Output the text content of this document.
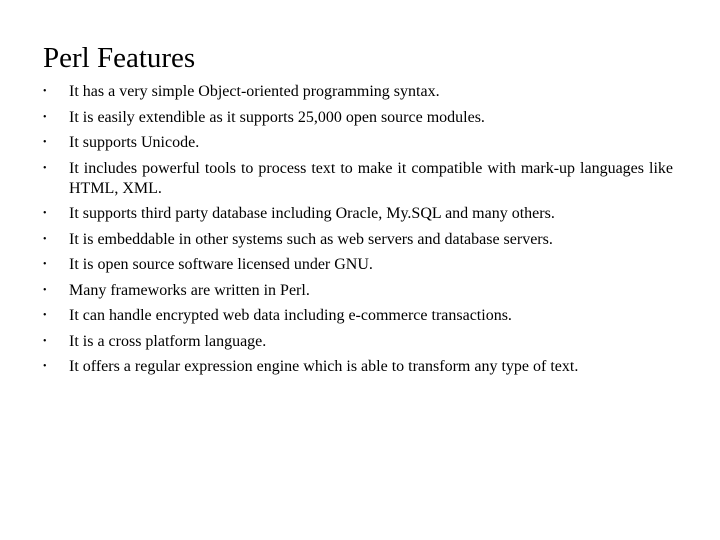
Perl Features
•	It has a very simple Object-oriented programming syntax.
•	It is easily extendible as it supports 25,000 open source modules.
•	It supports Unicode.
•	It includes powerful tools to process text to make it compatible with mark-up languages like HTML, XML.
•	It supports third party database including Oracle, My.SQL and many others.
•	It is embeddable in other systems such as web servers and database servers.
•	It is open source software licensed under GNU.
•	Many frameworks are written in Perl.
•	It can handle encrypted web data including e-commerce transactions.
•	It is a cross platform language.
•	It offers a regular expression engine which is able to transform any type of text.
